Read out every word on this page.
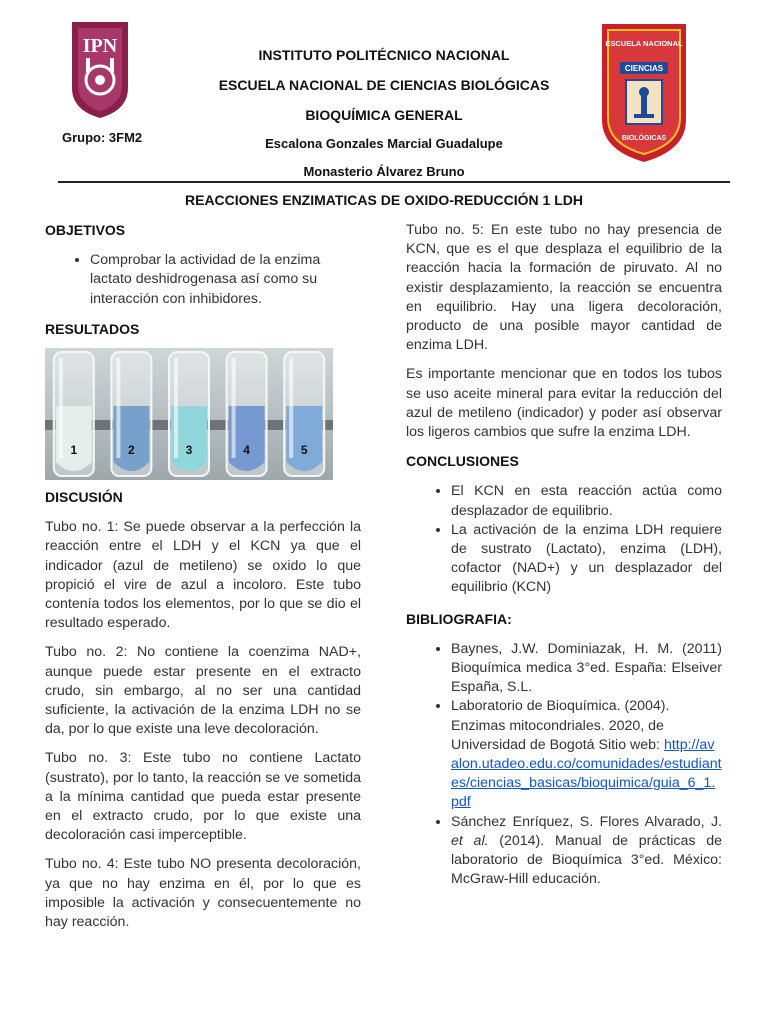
IPN	ESCUELA NACIONAL
CIENCIAS
BIOLÓGICAS
INSTITUTO POLITÉCNICO NACIONAL
ESCUELA NACIONAL DE CIENCIAS BIOLÓGICAS
BIOQUÍMICA GENERAL
Escalona Gonzales Marcial Guadalupe
Monasterio Álvarez Bruno
Grupo: 3FM2
REACCIONES ENZIMATICAS DE OXIDO-REDUCCIÓN 1 LDH
OBJETIVOS
• Comprobar la actividad de la enzima lactato deshidrogenasa así como su interacción con inhibidores.
RESULTADOS
1	2	3	4	5
DISCUSIÓN

Tubo no. 1: Se puede observar a la perfección la reacción entre el LDH y el KCN ya que el indicador (azul de metileno) se oxido lo que propició el vire de azul a incoloro. Este tubo contenía todos los elementos, por lo que se dio el resultado esperado.

Tubo no. 2: No contiene la coenzima NAD+, aunque puede estar presente en el extracto crudo, sin embargo, al no ser una cantidad suficiente, la activación de la enzima LDH no se da, por lo que existe una leve decoloración.

Tubo no. 3: Este tubo no contiene Lactato (sustrato), por lo tanto, la reacción se ve sometida a la mínima cantidad que pueda estar presente en el extracto crudo, por lo que existe una decoloración casi imperceptible.

Tubo no. 4: Este tubo NO presenta decoloración, ya que no hay enzima en él, por lo que es imposible la activación y consecuentemente no hay reacción.

Tubo no. 5: En este tubo no hay presencia de KCN, que es el que desplaza el equilibrio de la reacción hacia la formación de piruvato. Al no existir desplazamiento, la reacción se encuentra en equilibrio. Hay una ligera decoloración, producto de una posible mayor cantidad de enzima LDH.

Es importante mencionar que en todos los tubos se uso aceite mineral para evitar la reducción del azul de metileno (indicador) y poder así observar los ligeros cambios que sufre la enzima LDH.

CONCLUSIONES
• El KCN en esta reacción actúa como desplazador de equilibrio.
• La activación de la enzima LDH requiere de sustrato (Lactato), enzima (LDH), cofactor (NAD+) y un desplazador del equilibrio (KCN)
BIBLIOGRAFIA:
• Baynes, J.W. Dominiazak, H. M. (2011) Bioquímica medica 3°ed. España: Elseiver España, S.L.
• Laboratorio de Bioquímica. (2004). Enzimas mitocondriales. 2020, de Universidad de Bogotá Sitio web: http://avalon.utadeo.edu.co/comunidades/estudiantes/ciencias_basicas/bioquimica/guia_6_1.pdf
• Sánchez Enríquez, S. Flores Alvarado, J. et al. (2014). Manual de prácticas de laboratorio de Bioquímica 3°ed. México: McGraw-Hill educación.
